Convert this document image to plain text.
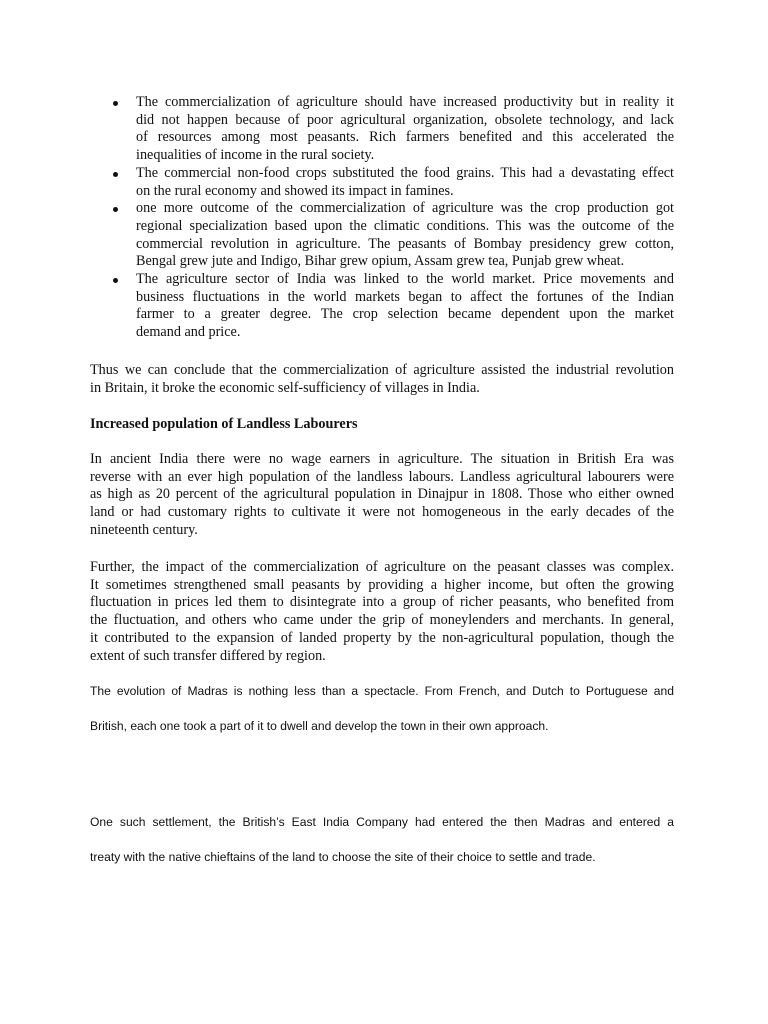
The commercialization of agriculture should have increased productivity but in reality it
did not happen because of poor agricultural organization, obsolete technology, and lack
of resources among most peasants. Rich farmers benefited and this accelerated the
inequalities of income in the rural society.
The commercial non-food crops substituted the food grains. This had a devastating effect
on the rural economy and showed its impact in famines.
one more outcome of the commercialization of agriculture was the crop production got
regional specialization based upon the climatic conditions. This was the outcome of the
commercial revolution in agriculture. The peasants of Bombay presidency grew cotton,
Bengal grew jute and Indigo, Bihar grew opium, Assam grew tea, Punjab grew wheat.
The agriculture sector of India was linked to the world market. Price movements and
business fluctuations in the world markets began to affect the fortunes of the Indian
farmer to a greater degree. The crop selection became dependent upon the market
demand and price.
Thus we can conclude that the commercialization of agriculture assisted the industrial revolution
in Britain, it broke the economic self-sufficiency of villages in India.
Increased population of Landless Labourers
In ancient India there were no wage earners in agriculture. The situation in British Era was
reverse with an ever high population of the landless labours. Landless agricultural labourers were
as high as 20 percent of the agricultural population in Dinajpur in 1808. Those who either owned
land or had customary rights to cultivate it were not homogeneous in the early decades of the
nineteenth century.
Further, the impact of the commercialization of agriculture on the peasant classes was complex.
It sometimes strengthened small peasants by providing a higher income, but often the growing
fluctuation in prices led them to disintegrate into a group of richer peasants, who benefited from
the fluctuation, and others who came under the grip of moneylenders and merchants. In general,
it contributed to the expansion of landed property by the non-agricultural population, though the
extent of such transfer differed by region.
The evolution of Madras is nothing less than a spectacle. From French, and Dutch to Portuguese and
British, each one took a part of it to dwell and develop the town in their own approach.
One such settlement, the British’s East India Company had entered the then Madras and entered a
treaty with the native chieftains of the land to choose the site of their choice to settle and trade.
